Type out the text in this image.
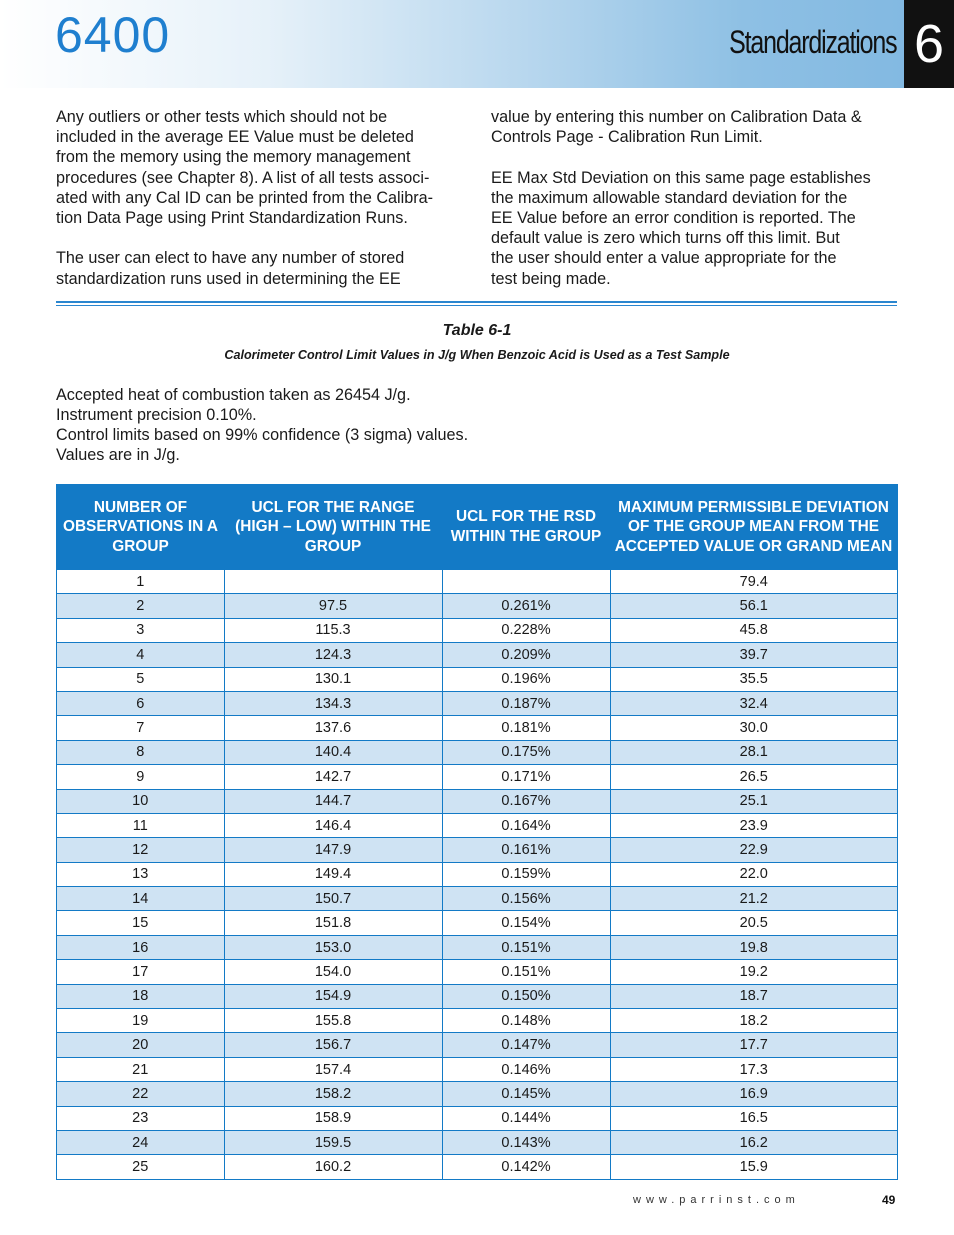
6400	Standardizations 6
Any outliers or other tests which should not be
included in the average EE Value must be deleted
from the memory using the memory management
procedures (see Chapter 8). A list of all tests associ-
ated with any Cal ID can be printed from the Calibra-
tion Data Page using Print Standardization Runs.

The user can elect to have any number of stored
standardization runs used in determining the EE
value by entering this number on Calibration Data &
Controls Page - Calibration Run Limit.

EE Max Std Deviation on this same page establishes
the maximum allowable standard deviation for the
EE Value before an error condition is reported. The
default value is zero which turns off this limit. But
the user should enter a value appropriate for the
test being made.
Table 6-1
Calorimeter Control Limit Values in J/g When Benzoic Acid is Used as a Test Sample
Accepted heat of combustion taken as 26454 J/g.
Instrument precision 0.10%.
Control limits based on 99% confidence (3 sigma) values.
Values are in J/g.
NUMBER OF OBSERVATIONS IN A GROUP	UCL FOR THE RANGE (HIGH – LOW) WITHIN THE GROUP	UCL FOR THE RSD WITHIN THE GROUP	MAXIMUM PERMISSIBLE DEVIATION OF THE GROUP MEAN FROM THE ACCEPTED VALUE OR GRAND MEAN
1			79.4
2	97.5	0.261%	56.1
3	115.3	0.228%	45.8
4	124.3	0.209%	39.7
5	130.1	0.196%	35.5
6	134.3	0.187%	32.4
7	137.6	0.181%	30.0
8	140.4	0.175%	28.1
9	142.7	0.171%	26.5
10	144.7	0.167%	25.1
11	146.4	0.164%	23.9
12	147.9	0.161%	22.9
13	149.4	0.159%	22.0
14	150.7	0.156%	21.2
15	151.8	0.154%	20.5
16	153.0	0.151%	19.8
17	154.0	0.151%	19.2
18	154.9	0.150%	18.7
19	155.8	0.148%	18.2
20	156.7	0.147%	17.7
21	157.4	0.146%	17.3
22	158.2	0.145%	16.9
23	158.9	0.144%	16.5
24	159.5	0.143%	16.2
25	160.2	0.142%	15.9
www.parrinst.com	49
